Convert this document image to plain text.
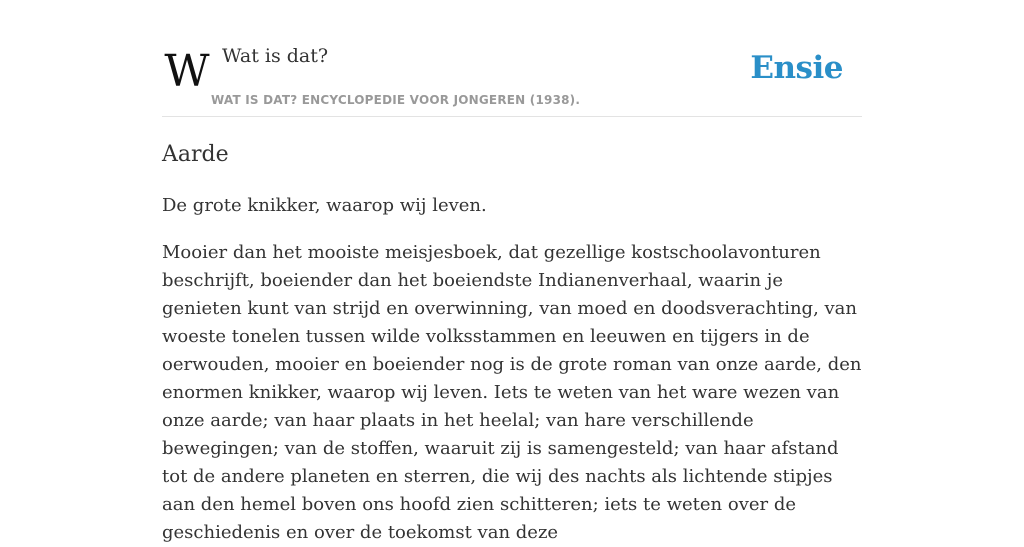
W Wat is dat?
WAT IS DAT? ENCYCLOPEDIE VOOR JONGEREN (1938).
Ensie
Aarde

De grote knikker, waarop wij leven.

Mooier dan het mooiste meisjesboek, dat gezellige kostschoolavonturen beschrijft, boeiender dan het boeiendste Indianenverhaal, waarin je genieten kunt van strijd en overwinning, van moed en doodsverachting, van woeste tonelen tussen wilde volksstammen en leeuwen en tijgers in de oerwouden, mooier en boeiender nog is de grote roman van onze aarde, den enormen knikker, waarop wij leven. Iets te weten van het ware wezen van onze aarde; van haar plaats in het heelal; van hare verschillende bewegingen; van de stoffen, waaruit zij is samengesteld; van haar afstand tot de andere planeten en sterren, die wij des nachts als lichtende stipjes aan den hemel boven ons hoofd zien schitteren; iets te weten over de geschiedenis en over de toekomst van deze
